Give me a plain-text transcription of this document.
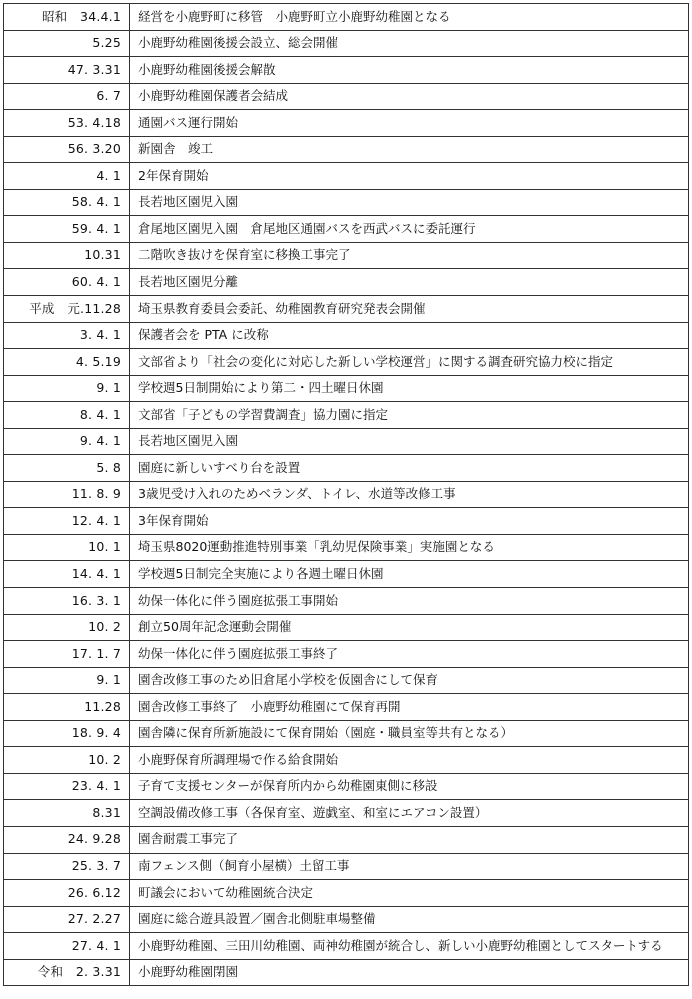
昭和　34.4.1	経営を小鹿野町に移管　小鹿野町立小鹿野幼稚園となる
5.25	小鹿野幼稚園後援会設立、総会開催
47. 3.31	小鹿野幼稚園後援会解散
6. 7	小鹿野幼稚園保護者会結成
53. 4.18	通園バス運行開始
56. 3.20	新園舎　竣工
4. 1	2年保育開始
58. 4. 1	長若地区園児入園
59. 4. 1	倉尾地区園児入園　倉尾地区通園バスを西武バスに委託運行
10.31	二階吹き抜けを保育室に移換工事完了
60. 4. 1	長若地区園児分離
平成　元.11.28	埼玉県教育委員会委託、幼稚園教育研究発表会開催
3. 4. 1	保護者会を PTA に改称
4. 5.19	文部省より「社会の変化に対応した新しい学校運営」に関する調査研究協力校に指定
9. 1	学校週5日制開始により第二・四土曜日休園
8. 4. 1	文部省「子どもの学習費調査」協力園に指定
9. 4. 1	長若地区園児入園
5. 8	園庭に新しいすべり台を設置
11. 8. 9	3歳児受け入れのためベランダ、トイレ、水道等改修工事
12. 4. 1	3年保育開始
10. 1	埼玉県8020運動推進特別事業「乳幼児保険事業」実施園となる
14. 4. 1	学校週5日制完全実施により各週土曜日休園
16. 3. 1	幼保一体化に伴う園庭拡張工事開始
10. 2	創立50周年記念運動会開催
17. 1. 7	幼保一体化に伴う園庭拡張工事終了
9. 1	園舎改修工事のため旧倉尾小学校を仮園舎にして保育
11.28	園舎改修工事終了　小鹿野幼稚園にて保育再開
18. 9. 4	園舎隣に保育所新施設にて保育開始（園庭・職員室等共有となる）
10. 2	小鹿野保育所調理場で作る給食開始
23. 4. 1	子育て支援センターが保育所内から幼稚園東側に移設
8.31	空調設備改修工事（各保育室、遊戯室、和室にエアコン設置）
24. 9.28	園舎耐震工事完了
25. 3. 7	南フェンス側（飼育小屋横）土留工事
26. 6.12	町議会において幼稚園統合決定
27. 2.27	園庭に総合遊具設置／園舎北側駐車場整備
27. 4. 1	小鹿野幼稚園、三田川幼稚園、両神幼稚園が統合し、新しい小鹿野幼稚園としてスタートする
令和　2. 3.31	小鹿野幼稚園閉園
